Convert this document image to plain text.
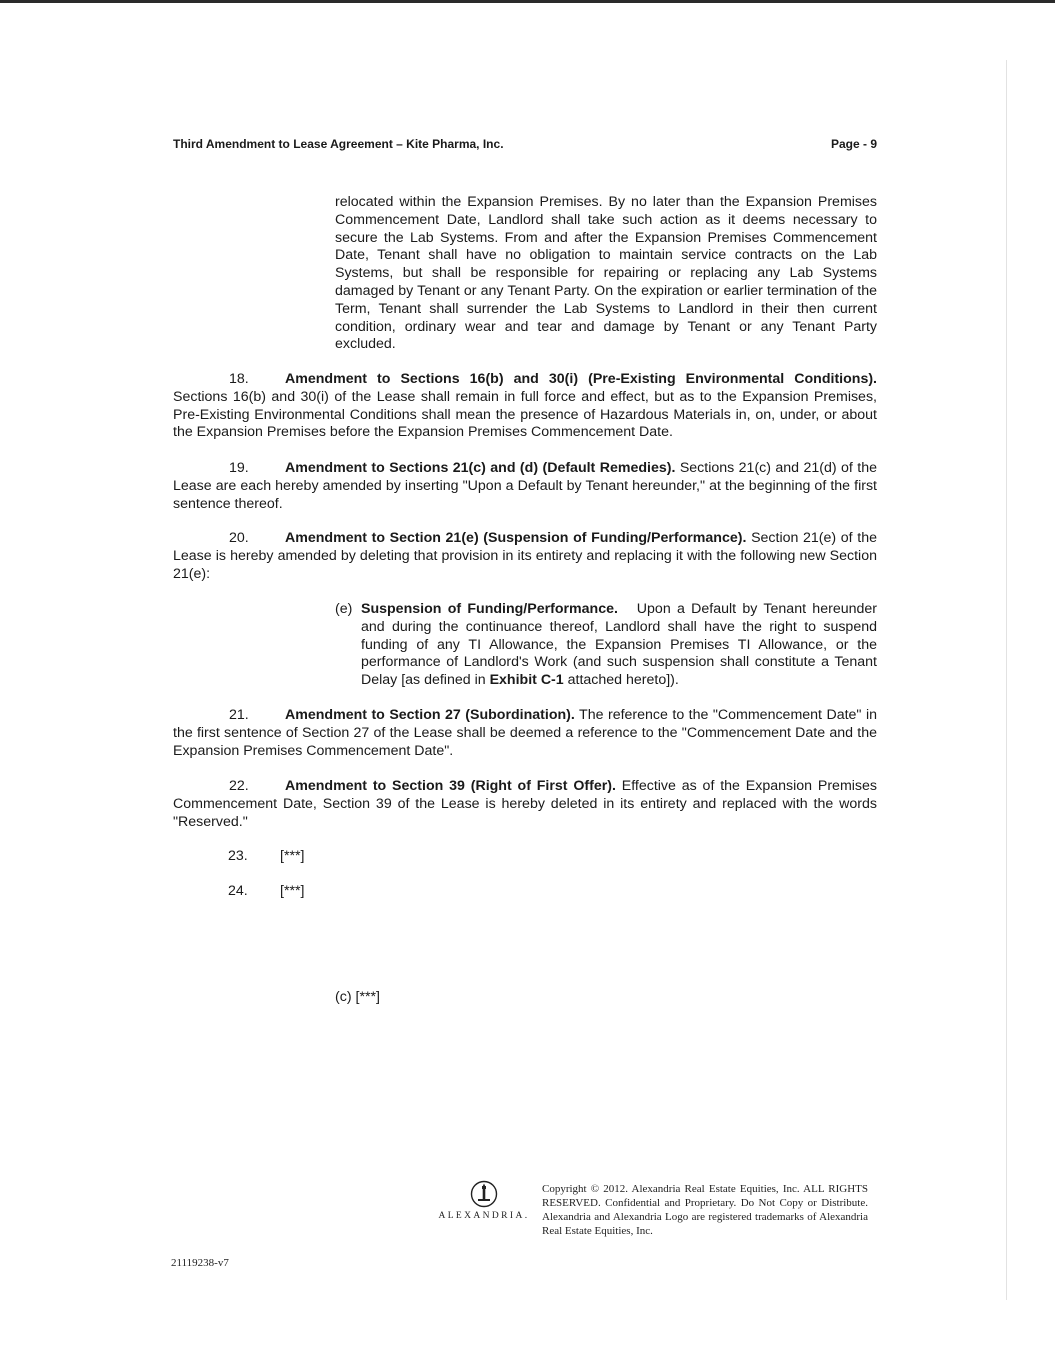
Third Amendment to Lease Agreement – Kite Pharma, Inc.	Page - 9

relocated within the Expansion Premises. By no later than the Expansion Premises Commencement Date, Landlord shall take such action as it deems necessary to secure the Lab Systems. From and after the Expansion Premises Commencement Date, Tenant shall have no obligation to maintain service contracts on the Lab Systems, but shall be responsible for repairing or replacing any Lab Systems damaged by Tenant or any Tenant Party. On the expiration or earlier termination of the Term, Tenant shall surrender the Lab Systems to Landlord in their then current condition, ordinary wear and tear and damage by Tenant or any Tenant Party excluded.

18.	Amendment to Sections 16(b) and 30(i) (Pre-Existing Environmental Conditions). Sections 16(b) and 30(i) of the Lease shall remain in full force and effect, but as to the Expansion Premises, Pre-Existing Environmental Conditions shall mean the presence of Hazardous Materials in, on, under, or about the Expansion Premises before the Expansion Premises Commencement Date.

19.	Amendment to Sections 21(c) and (d) (Default Remedies). Sections 21(c) and 21(d) of the Lease are each hereby amended by inserting "Upon a Default by Tenant hereunder," at the beginning of the first sentence thereof.

20.	Amendment to Section 21(e) (Suspension of Funding/Performance). Section 21(e) of the Lease is hereby amended by deleting that provision in its entirety and replacing it with the following new Section 21(e):

(e) Suspension of Funding/Performance. Upon a Default by Tenant hereunder and during the continuance thereof, Landlord shall have the right to suspend funding of any TI Allowance, the Expansion Premises TI Allowance, or the performance of Landlord's Work (and such suspension shall constitute a Tenant Delay [as defined in Exhibit C-1 attached hereto]).

21.	Amendment to Section 27 (Subordination). The reference to the "Commencement Date" in the first sentence of Section 27 of the Lease shall be deemed a reference to the "Commencement Date and the Expansion Premises Commencement Date".

22.	Amendment to Section 39 (Right of First Offer). Effective as of the Expansion Premises Commencement Date, Section 39 of the Lease is hereby deleted in its entirety and replaced with the words "Reserved."

23. [***]
24. [***]
(c) [***]
ALEXANDRIA.

Copyright © 2012. Alexandria Real Estate Equities, Inc. ALL RIGHTS RESERVED. Confidential and Proprietary. Do Not Copy or Distribute. Alexandria and Alexandria Logo are registered trademarks of Alexandria Real Estate Equities, Inc.

21119238-v7
